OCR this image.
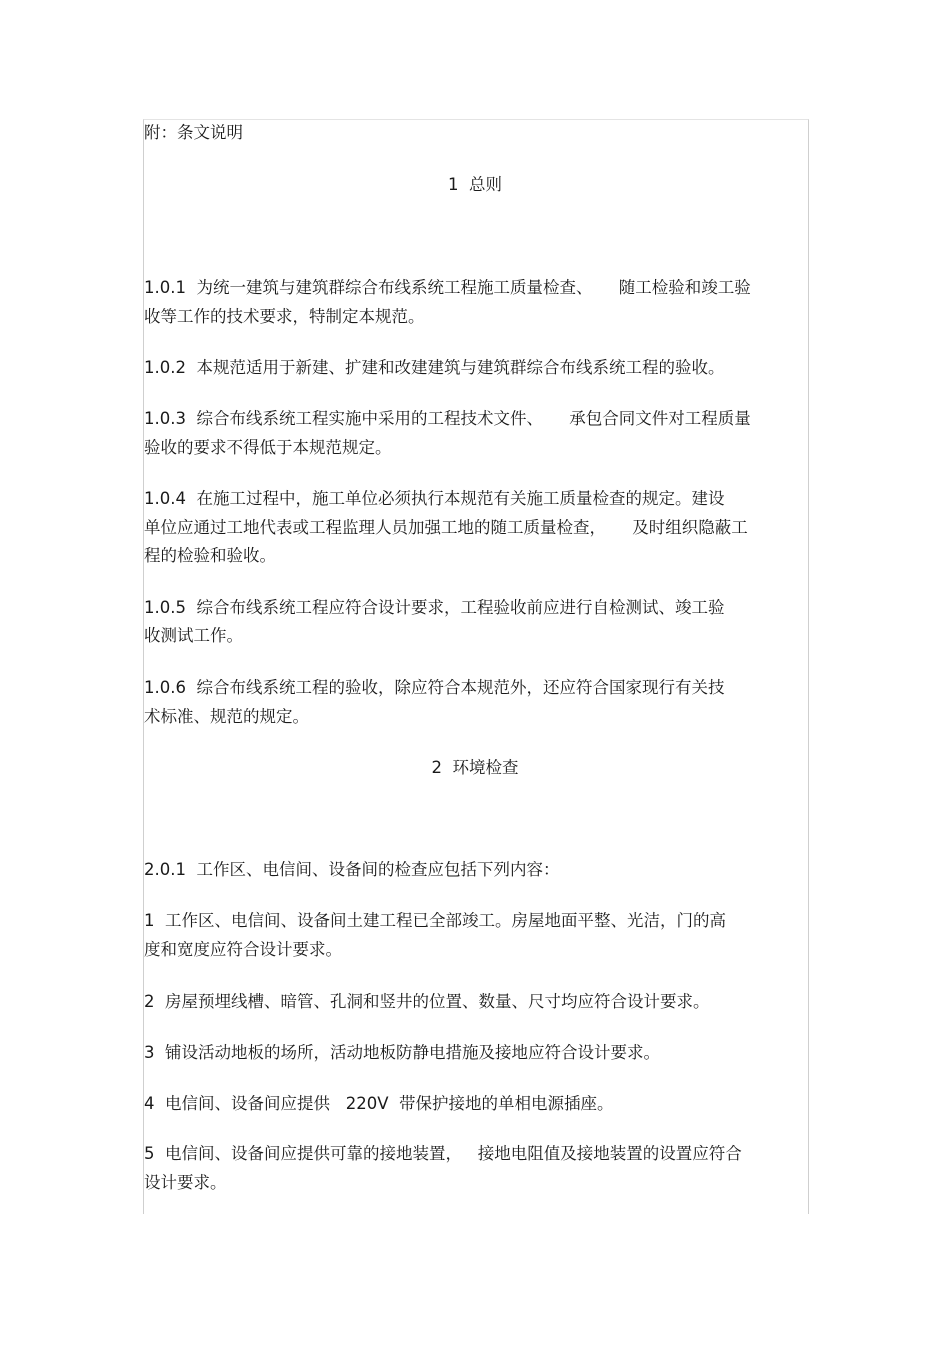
附：条文说明
1  总则
1.0.1  为统一建筑与建筑群综合布线系统工程施工质量检查、     随工检验和竣工验
收等工作的技术要求，特制定本规范。
1.0.2  本规范适用于新建、扩建和改建建筑与建筑群综合布线系统工程的验收。
1.0.3  综合布线系统工程实施中采用的工程技术文件、     承包合同文件对工程质量
验收的要求不得低于本规范规定。
1.0.4  在施工过程中，施工单位必须执行本规范有关施工质量检查的规定。建设
单位应通过工地代表或工程监理人员加强工地的随工质量检查，     及时组织隐蔽工
程的检验和验收。
1.0.5  综合布线系统工程应符合设计要求，工程验收前应进行自检测试、竣工验
收测试工作。
1.0.6  综合布线系统工程的验收，除应符合本规范外，还应符合国家现行有关技
术标准、规范的规定。
2  环境检查
2.0.1  工作区、电信间、设备间的检查应包括下列内容：
1  工作区、电信间、设备间土建工程已全部竣工。房屋地面平整、光洁，门的高
度和宽度应符合设计要求。
2  房屋预埋线槽、暗管、孔洞和竖井的位置、数量、尺寸均应符合设计要求。
3  铺设活动地板的场所，活动地板防静电措施及接地应符合设计要求。
4  电信间、设备间应提供   220V  带保护接地的单相电源插座。
5  电信间、设备间应提供可靠的接地装置，   接地电阻值及接地装置的设置应符合
设计要求。
